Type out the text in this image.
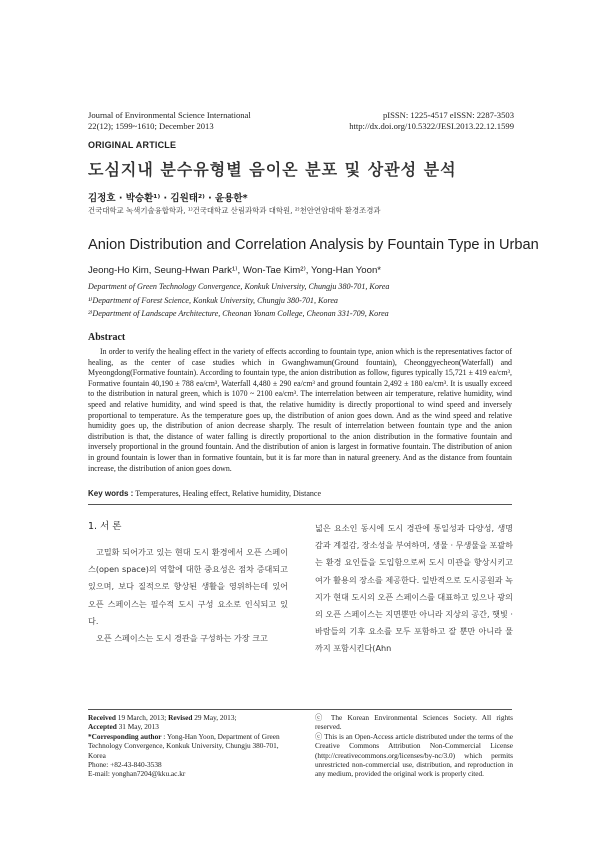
Journal of Environmental Science International
22(12); 1599~1610; December 2013
pISSN: 1225-4517 eISSN: 2287-3503
http://dx.doi.org/10.5322/JESI.2013.22.12.1599
ORIGINAL ARTICLE
도심지내 분수유형별 음이온 분포 및 상관성 분석
김정호 · 박승환¹⁾ · 김원태²⁾ · 윤용한*
건국대학교 녹색기술융합학과, ¹⁾건국대학교 산림과학과 대학원, ²⁾천안연암대학 환경조경과
Anion Distribution and Correlation Analysis by Fountain Type in Urban
Jeong-Ho Kim, Seung-Hwan Park¹⁾, Won-Tae Kim²⁾, Yong-Han Yoon*
Department of Green Technology Convergence, Konkuk University, Chungju 380-701, Korea
¹⁾Department of Forest Science, Konkuk University, Chungju 380-701, Korea
²⁾Department of Landscape Architecture, Cheonan Yonam College, Cheonan 331-709, Korea
Abstract

In order to verify the healing effect in the variety of effects according to fountain type, anion which is the representatives factor of healing, as the center of case studies which in Gwanghwamun(Ground fountain), Cheonggyecheon(Waterfall) and Myeongdong(Formative fountain). According to fountain type, the anion distribution as follow, figures typically 15,721 ± 419 ea/cm³, Formative fountain 40,190 ± 788 ea/cm³, Waterfall 4,480 ± 290 ea/cm³ and ground fountain 2,492 ± 180 ea/cm³. It is usually exceed to the distribution in natural green, which is 1070 ~ 2100 ea/cm³. The interrelation between air temperature, relative humidity, wind speed and relative humidity, and wind speed is that, the relative humidity is directly proportional to wind speed and inversely proportional to temperature. As the temperature goes up, the distribution of anion goes down. And as the wind speed and relative humidity goes up, the distribution of anion decrease sharply. The result of interrelation between fountain type and the anion distribution is that, the distance of water falling is directly proportional to the anion distribution in the formative fountain and inversely proportional in the ground fountain. And the distribution of anion is largest in formative fountain. The distribution of anion in ground fountain is lower than in formative fountain, but it is far more than in natural greenery. And as the distance from fountain increase, the distribution of anion goes down.

Key words : Temperatures, Healing effect, Relative humidity, Distance
1. 서 론

고밀화 되어가고 있는 현대 도시 환경에서 오픈 스페이스(open space)의 역할에 대한 중요성은 점차 증대되고 있으며, 보다 질적으로 향상된 생활을 영위하는데 있어 오픈 스페이스는 필수적 도시 구성 요소로 인식되고 있다.

오픈 스페이스는 도시 경관을 구성하는 가장 크고

넓은 요소인 동시에 도시 경관에 통일성과 다양성, 생명감과 계절감, 장소성을 부여하며, 생물 · 무생물을 포괄하는 환경 요인들을 도입함으로써 도시 미관을 향상시키고 여가 활용의 장소를 제공한다. 일반적으로 도시공원과 녹지가 현대 도시의 오픈 스페이스를 대표하고 있으나 광의의 오픈 스페이스는 지면뿐만 아니라 지상의 공간, 햇빛 · 바람들의 기후 요소를 모두 포함하고 잘 뿐만 아니라 물까지 포함시킨다(Ahn

Received 19 March, 2013; Revised 29 May, 2013;
Accepted 31 May, 2013
*Corresponding author : Yong-Han Yoon, Department of Green Technology Convergence, Konkuk University, Chungju 380-701, Korea
Phone: +82-43-840-3538
E-mail: yonghan7204@kku.ac.kr
ⓒ The Korean Environmental Sciences Society. All rights reserved.
ⓒ This is an Open-Access article distributed under the terms of the Creative Commons Attribution Non-Commercial License (http://creativecommons.org/licenses/by-nc/3.0) which permits unrestricted non-commercial use, distribution, and reproduction in any medium, provided the original work is properly cited.
